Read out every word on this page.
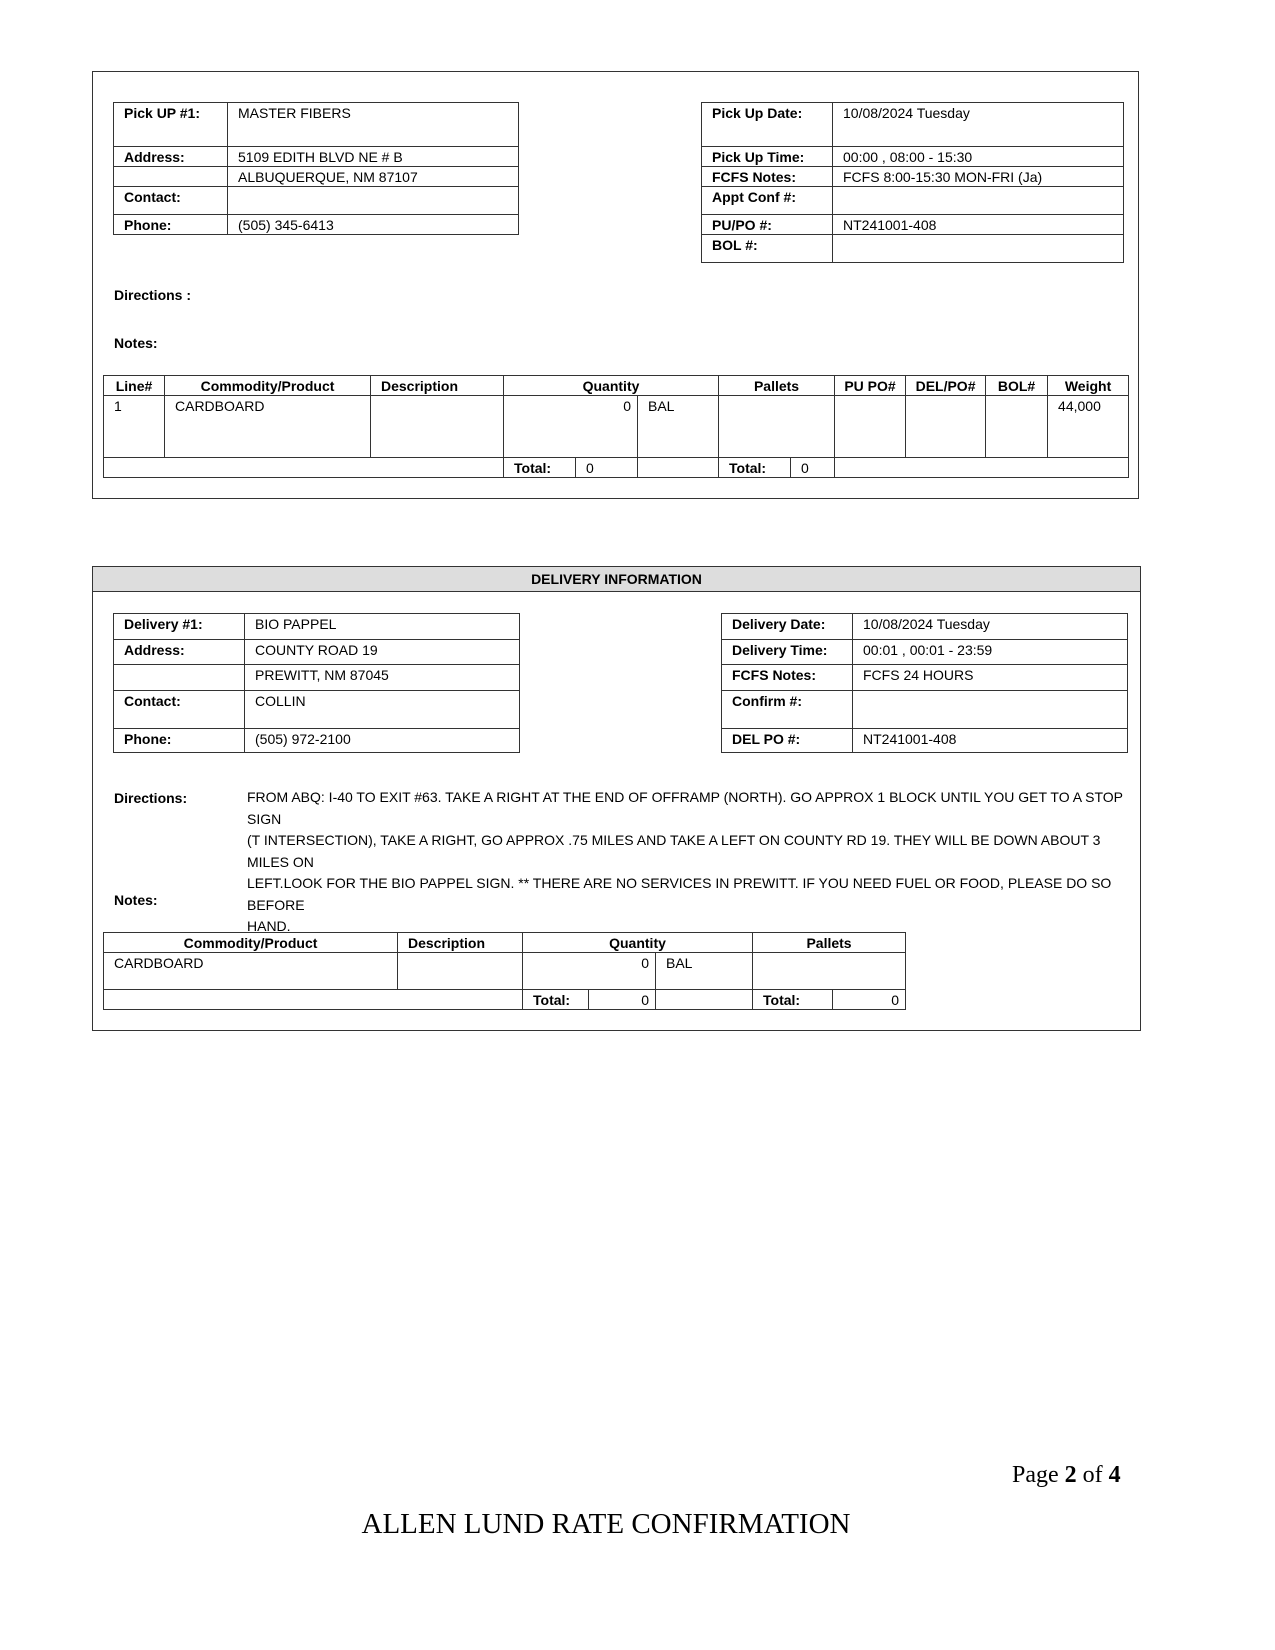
Pick UP #1:	MASTER FIBERS
Address:	5109 EDITH BLVD NE # B
	ALBUQUERQUE, NM 87107
Contact:	
Phone:	(505) 345-6413
Pick Up Date:	10/08/2024 Tuesday
Pick Up Time:	00:00 , 08:00 - 15:30
FCFS Notes:	FCFS 8:00-15:30 MON-FRI (Ja)
Appt Conf #:	
PU/PO #:	NT241001-408
BOL #:	
Directions :
Notes:
Line#	Commodity/Product	Description	Quantity			Pallets		PU PO#	DEL/PO#	BOL#	Weight
1	CARDBOARD		0		BAL						44,000
			Total:	0		Total:	0				
DELIVERY INFORMATION
Delivery #1:	BIO PAPPEL
Address:	COUNTY ROAD 19
	PREWITT, NM 87045
Contact:	COLLIN
Phone:	(505) 972-2100
Delivery Date:	10/08/2024 Tuesday
Delivery Time:	00:01 , 00:01 - 23:59
FCFS Notes:	FCFS 24 HOURS
Confirm #:	
DEL PO #:	NT241001-408
Directions:	FROM ABQ: I-40 TO EXIT #63. TAKE A RIGHT AT THE END OF OFFRAMP (NORTH). GO APPROX 1 BLOCK UNTIL YOU GET TO A STOP SIGN
(T INTERSECTION), TAKE A RIGHT, GO APPROX .75 MILES AND TAKE A LEFT ON COUNTY RD 19. THEY WILL BE DOWN ABOUT 3 MILES ON
LEFT.LOOK FOR THE BIO PAPPEL SIGN. ** THERE ARE NO SERVICES IN PREWITT. IF YOU NEED FUEL OR FOOD, PLEASE DO SO BEFORE
HAND.
Notes:
Commodity/Product	Description	Quantity			Pallets	
CARDBOARD		0		BAL		
		Total:	0		Total:	0
Page 2 of 4
ALLEN LUND RATE CONFIRMATION
